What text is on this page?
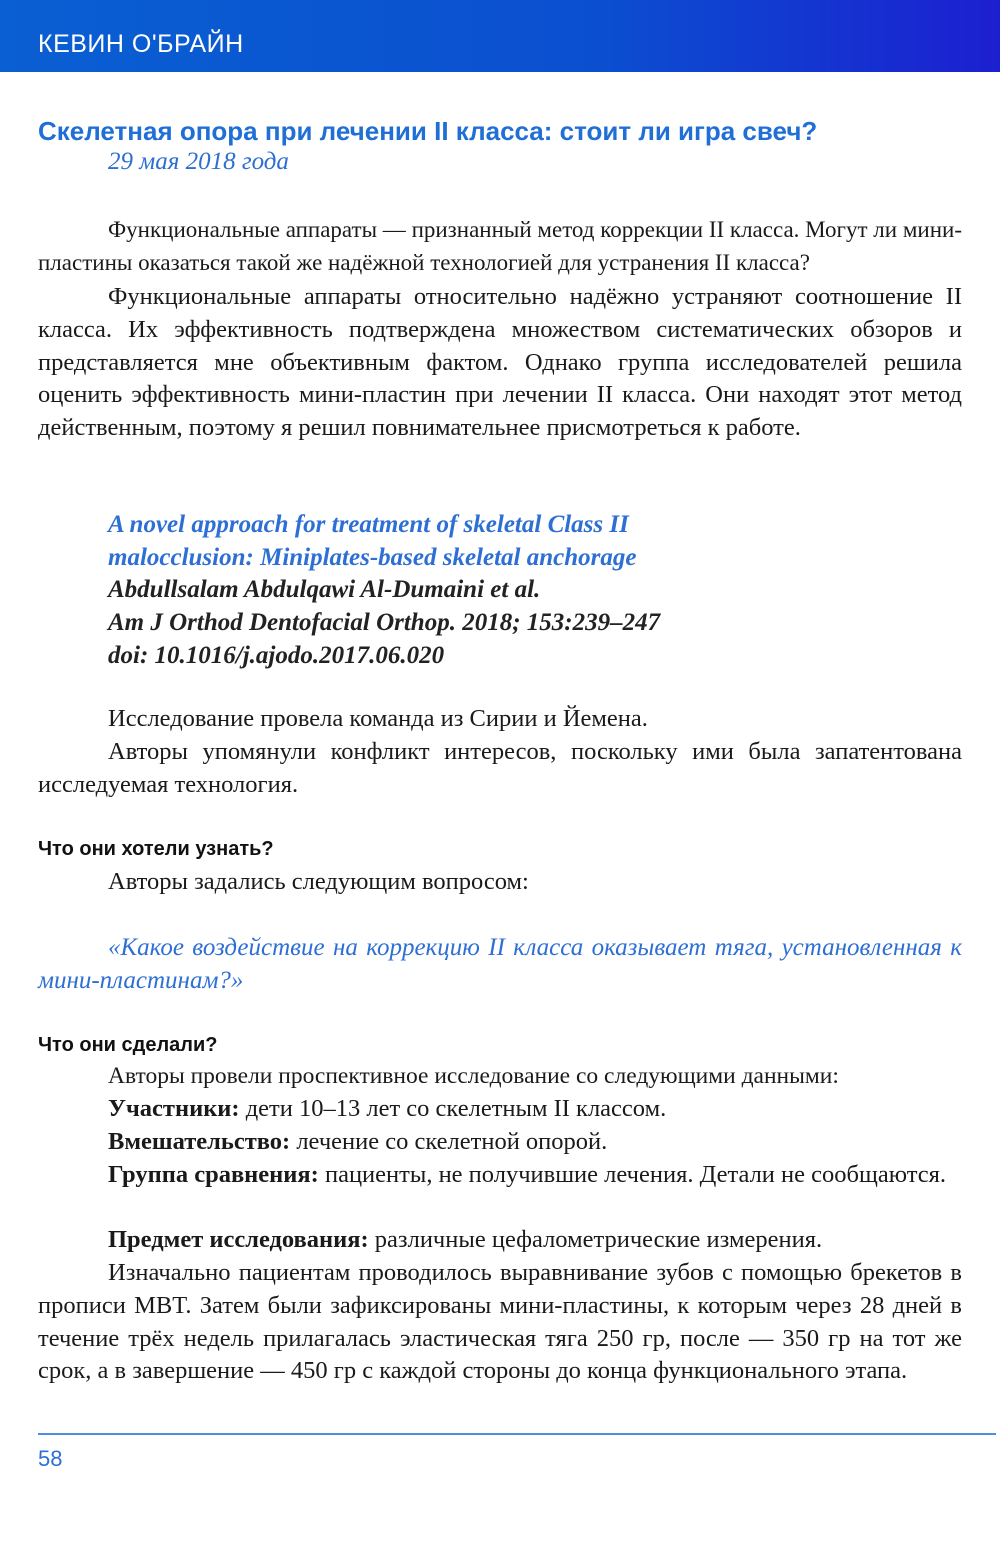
КЕВИН О'БРАЙН
Скелетная опора при лечении II класса: стоит ли игра свеч?
29 мая 2018 года

Функциональные аппараты — признанный метод коррекции II класса. Могут ли мини-пластины оказаться такой же надёжной технологией для устранения II класса?

Функциональные аппараты относительно надёжно устраняют соотношение II класса. Их эффективность подтверждена множеством систематических обзоров и представляется мне объективным фактом. Однако группа исследователей решила оценить эффективность мини-пластин при лечении II класса. Они находят этот метод действенным, поэтому я решил повнимательнее присмотреться к работе.

A novel approach for treatment of skeletal Class II malocclusion: Miniplates-based skeletal anchorage
Abdullsalam Abdulqawi Al-Dumaini et al.
Am J Orthod Dentofacial Orthop. 2018; 153:239–247
doi: 10.1016/j.ajodo.2017.06.020

Исследование провела команда из Сирии и Йемена.

Авторы упомянули конфликт интересов, поскольку ими была запатентована исследуемая технология.

Что они хотели узнать?

Авторы задались следующим вопросом:

«Какое воздействие на коррекцию II класса оказывает тяга, установленная к мини-пластинам?»

Что они сделали?

Авторы провели проспективное исследование со следующими данными:

Участники: дети 10–13 лет со скелетным II классом.

Вмешательство: лечение со скелетной опорой.

Группа сравнения: пациенты, не получившие лечения. Детали не сообщаются.

Предмет исследования: различные цефалометрические измерения.

Изначально пациентам проводилось выравнивание зубов с помощью брекетов в прописи MBT. Затем были зафиксированы мини-пластины, к которым через 28 дней в течение трёх недель прилагалась эластическая тяга 250 гр, после — 350 гр на тот же срок, а в завершение — 450 гр с каждой стороны до конца функционального этапа.

58
